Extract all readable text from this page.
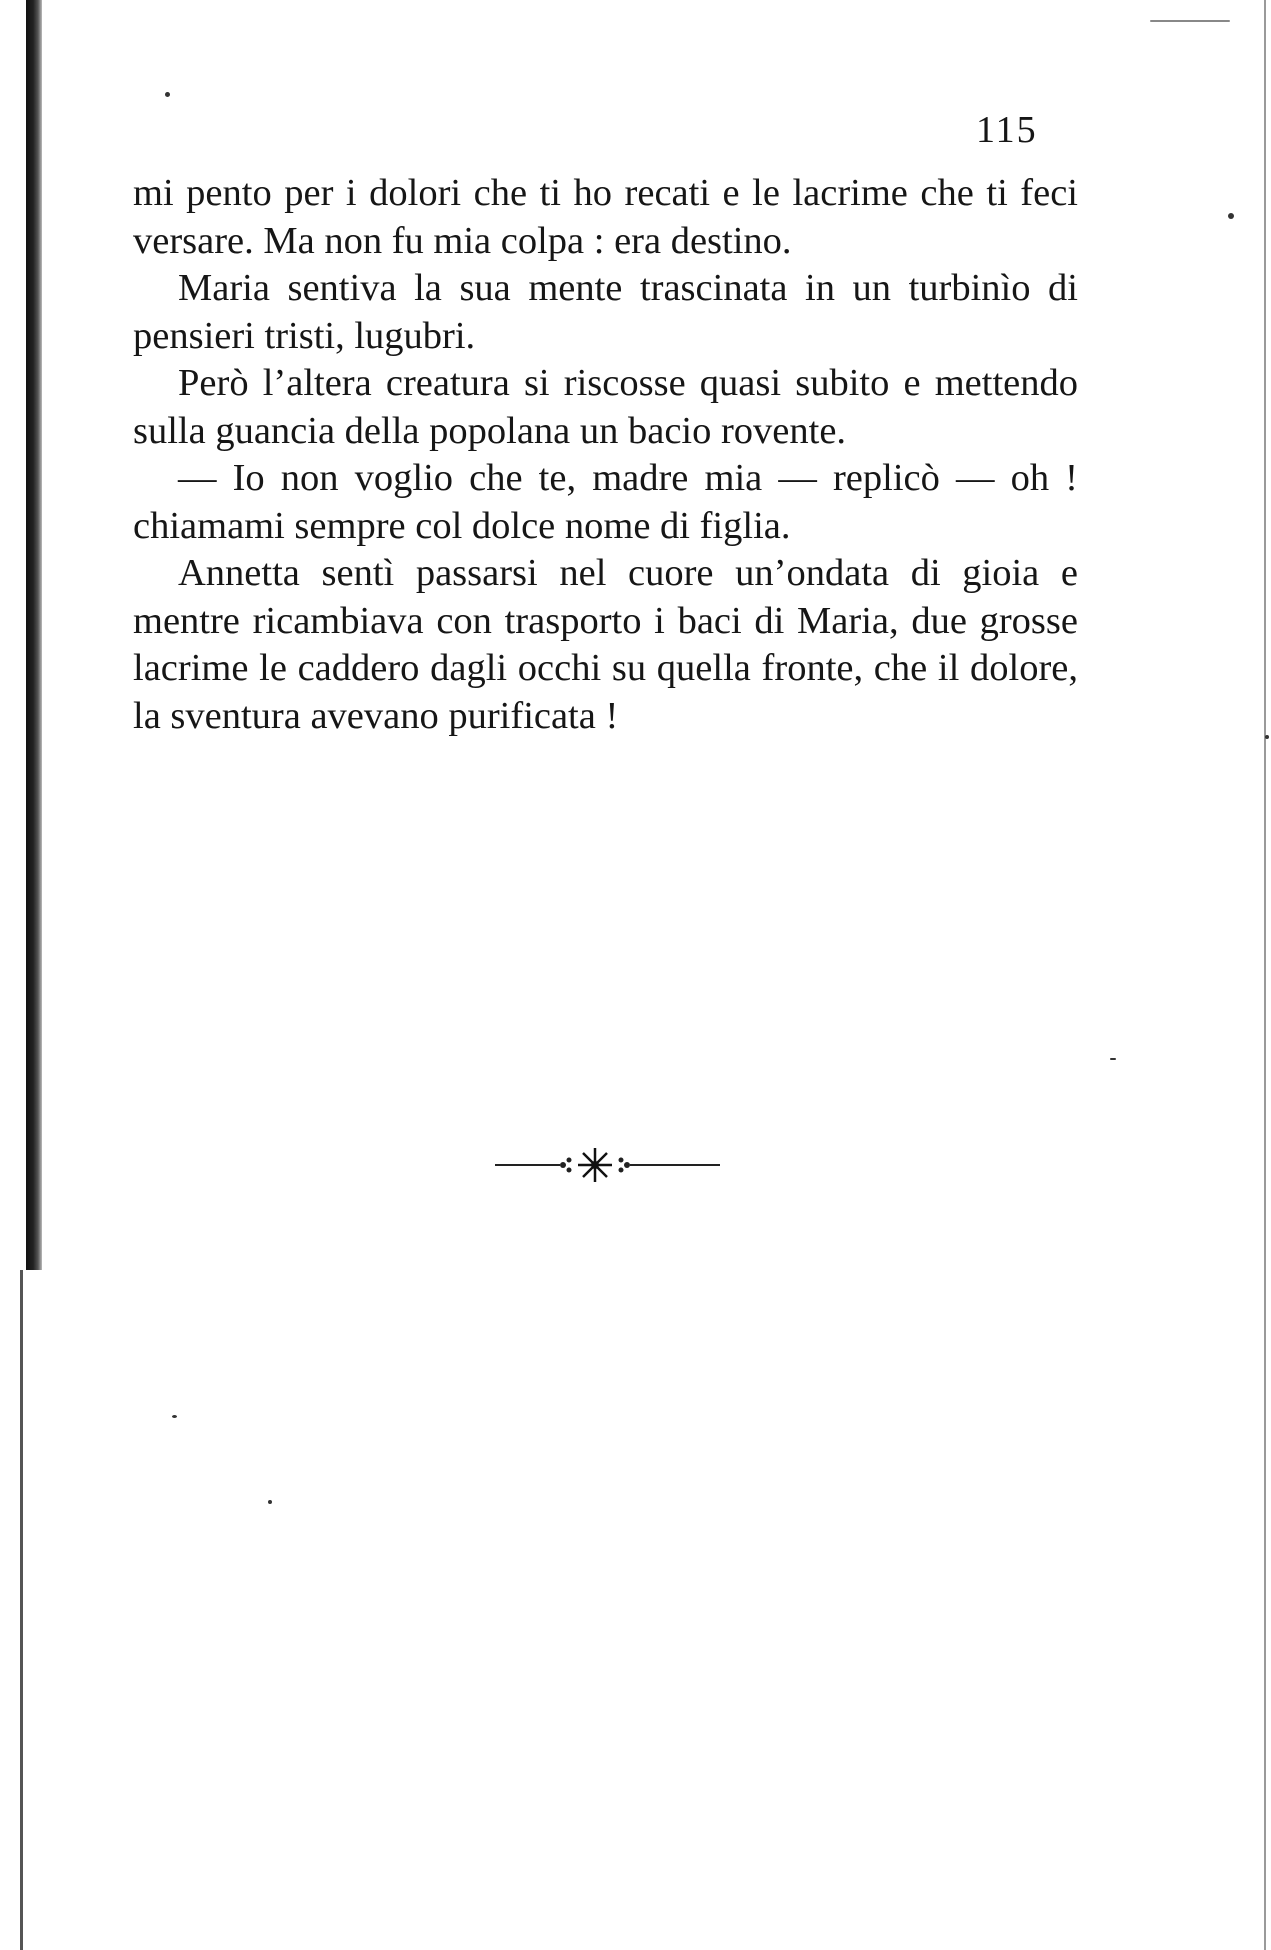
115

mi pento per i dolori che ti ho recati e le lacrime che ti feci versare. Ma non fu mia colpa : era destino.

Maria sentiva la sua mente trascinata in un turbinìo di pensieri tristi, lugubri.

Però l’altera creatura si riscosse quasi subito e mettendo sulla guancia della popolana un bacio rovente.

— Io non voglio che te, madre mia — replicò — oh ! chiamami sempre col dolce nome di figlia.

Annetta sentì passarsi nel cuore un’ondata di gioia e mentre ricambiava con trasporto i baci di Maria, due grosse lacrime le caddero dagli occhi su quella fronte, che il dolore, la sventura avevano purificata !
